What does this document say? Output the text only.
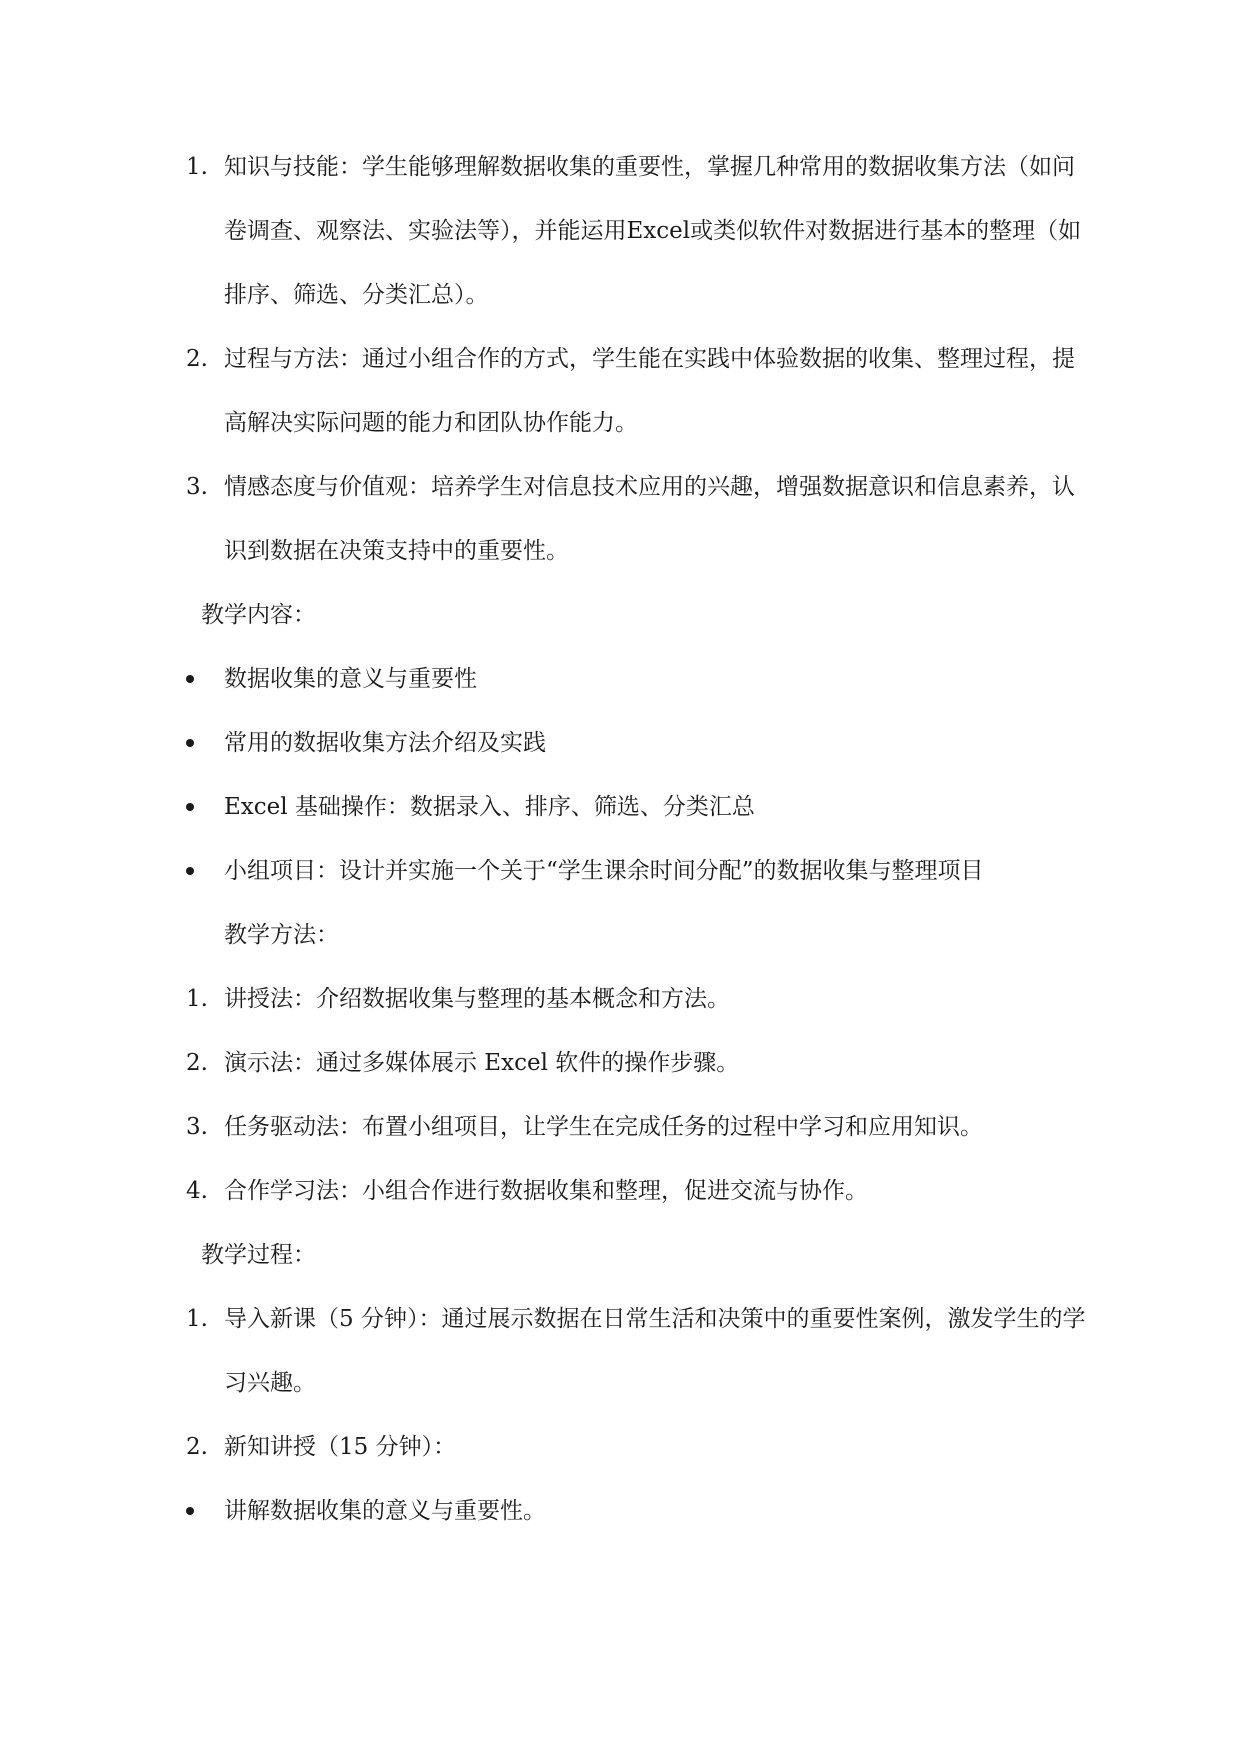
1. 知识与技能：学生能够理解数据收集的重要性，掌握几种常用的数据收集方法（如问卷调查、观察法、实验法等），并能运用Excel或类似软件对数据进行基本的整理（如排序、筛选、分类汇总）。
2. 过程与方法：通过小组合作的方式，学生能在实践中体验数据的收集、整理过程，提高解决实际问题的能力和团队协作能力。
3. 情感态度与价值观：培养学生对信息技术应用的兴趣，增强数据意识和信息素养，认识到数据在决策支持中的重要性。

教学内容：

数据收集的意义与重要性
常用的数据收集方法介绍及实践
Excel 基础操作：数据录入、排序、筛选、分类汇总
小组项目：设计并实施一个关于“学生课余时间分配”的数据收集与整理项目

教学方法：

1. 讲授法：介绍数据收集与整理的基本概念和方法。
2. 演示法：通过多媒体展示 Excel 软件的操作步骤。
3. 任务驱动法：布置小组项目，让学生在完成任务的过程中学习和应用知识。
4. 合作学习法：小组合作进行数据收集和整理，促进交流与协作。

教学过程：

1. 导入新课（5 分钟）：通过展示数据在日常生活和决策中的重要性案例，激发学生的学习兴趣。
2. 新知讲授（15 分钟）：
讲解数据收集的意义与重要性。
